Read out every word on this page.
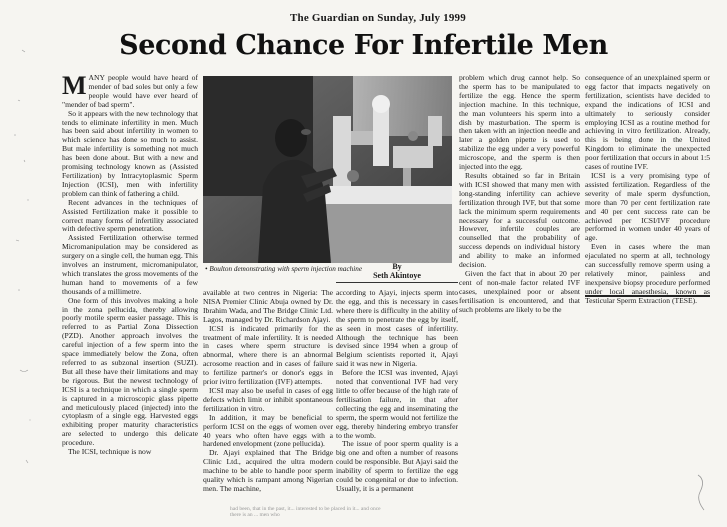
The Guardian on Sunday, July 1999
Second Chance For Infertile Men

MANY people would have heard of mender of bad soles but only a few people would have ever heard of "mender of bad sperm".

So it appears with the new technology that tends to eliminate infertility in men. Much has been said about infertility in women to which science has done so much to assist. But male infertility is something not much has been done about. But with a new and promising technology known as (Assisted Fertilization) by Intracytoplasmic Sperm Injection (ICSI), men with infertility problem can think of fathering a child.

Recent advances in the techniques of Assisted Fertilization make it possible to correct many forms of infertility associated with defective sperm penetration.

Assisted Fertilization otherwise termed Micromanipulation may be considered as surgery on a single cell, the human egg. This involves an instrument, micromanipulator, which translates the gross movements of the human hand to movements of a few thousands of a millimetre.

One form of this involves making a hole in the zona pellucida, thereby allowing poorly motile sperm easier passage. This is referred to as Partial Zona Dissection (PZD). Another approach involves the careful injection of a few sperm into the space immediately below the Zona, often referred to as subzonal insertion (SUZI). But all these have their limitations and may be rigorous. But the newest technology of ICSI is a technique in which a single sperm is captured in a microscopic glass pipette and meticulously placed (injected) into the cytoplasm of a single egg. Harvested eggs exhibiting proper maturity characteristics are selected to undergo this delicate procedure.

The ICSI, technique is now

• Boulton demonstrating with sperm injection machine	By
Seth Akintoye

available at two centres in Nigeria: The NISA Premier Clinic Abuja owned by Dr. Ibrahim Wada, and The Bridge Clinic Ltd. Lagos, managed by Dr. Richardson Ajayi.

ICSI is indicated primarily for the treatment of male infertility. It is needed in cases where sperm structure is abnormal, where there is an abnormal acrosome reaction and in cases of failure to fertilize partner's or donor's eggs in prior ivitro fertilization (IVF) attempts.

ICSI may also be useful in cases of egg defects which limit or inhibit spontaneous fertilization in vitro.

In addition, it may be beneficial to perform ICSI on the eggs of women over 40 years who often have eggs with a hardened envelopment (zone pellucida).

Dr. Ajayi explained that The Bridge Clinic Ltd., acquired the ultra modern machine to be able to handle poor sperm quality which is rampant among Nigerian men. The machine,

according to Ajayi, injects sperm into the egg, and this is necessary in cases where there is difficulty in the ability of the sperm to penetrate the egg by itself, as seen in most cases of infertility. Although the technique has been devised since 1994 when a group of Belgium scientists reported it, Ajayi said it was new in Nigeria.

Before the ICSI was invented, Ajayi noted that conventional IVF had very little to offer because of the high rate of fertilisation failure, in that after collecting the egg and inseminating the sperm, the sperm would not fertilize the egg, thereby hindering embryo transfer to the womb.

The issue of poor sperm quality is a big one and often a number of reasons could be responsible. But Ajayi said the inability of sperm to fertilize the egg could be congenital or due to infection. Usually, it is a permanent

problem which drug cannot help. So the sperm has to be manipulated to fertilize the egg. Hence the sperm injection machine. In this technique, the man volunteers his sperm into a dish by masturbation. The sperm is then taken with an injection needle and later a golden pipette is used to stabilize the egg under a very powerful microscope, and the sperm is then injected into the egg.

Results obtained so far in Britain with ICSI showed that many men with long-standing infertility can achieve fertilization through IVF, but that some lack the minimum sperm requirements necessary for a successful outcome. However, infertile couples are counselled that the probability of success depends on individual history and ability to make an informed decision.

Given the fact that in about 20 per cent of non-male factor related IVF cases, unexplained poor or absent fertilisation is encountered, and that such problems are likely to be the

consequence of an unexplained sperm or egg factor that impacts negatively on fertilization, scientists have decided to expand the indications of ICSI and ultimately to seriously consider employing ICSI as a routine method for achieving in vitro fertilization. Already, this is being done in the United Kingdom to eliminate the unexpected poor fertilization that occurs in about 1:5 cases of routine IVF.

ICSI is a very promising type of assisted fertilization. Regardless of the severity of male sperm dysfunction, more than 70 per cent fertilization rate and 40 per cent success rate can be achieved per ICSI/IVF procedure performed in women under 40 years of age.

Even in cases where the man ejaculated no sperm at all, technology can successfully remove sperm using a relatively minor, painless and inexpensive biopsy procedure performed under local anaesthesia, known as Testicular Sperm Extraction (TESE).

had been, that in the past, it... interested to be placed in it... and once there is an ... men who
